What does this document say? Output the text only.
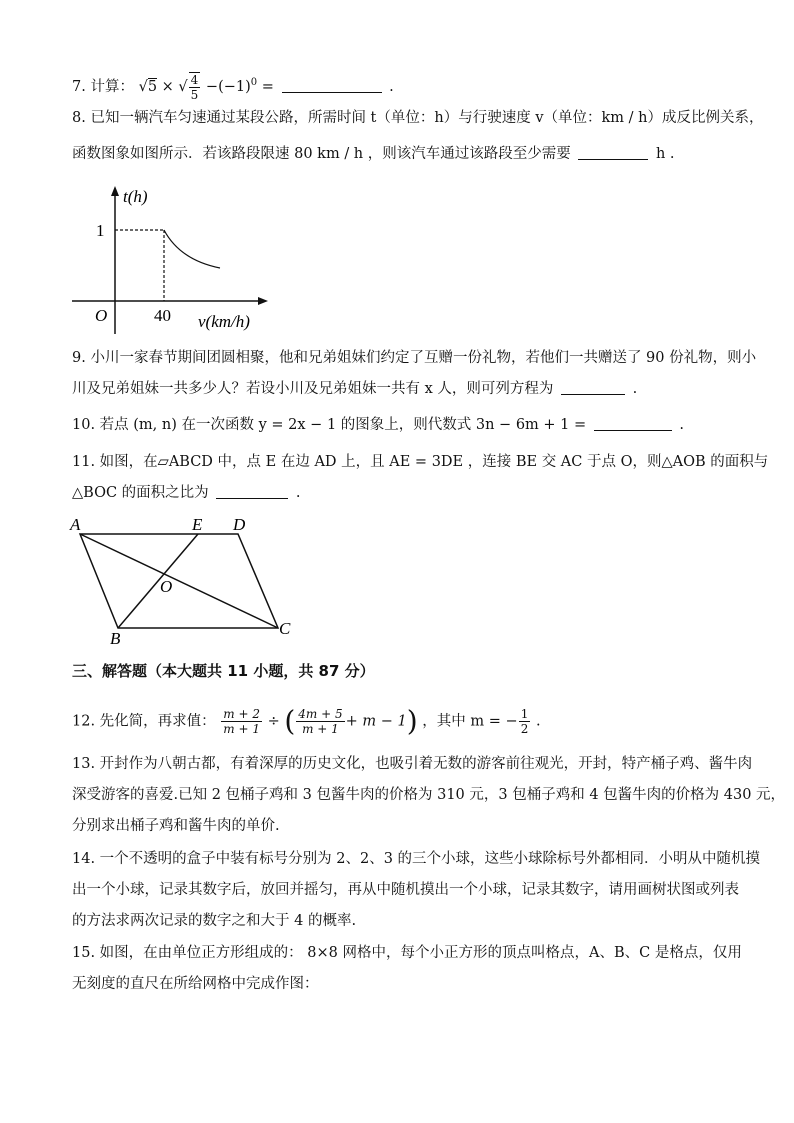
7. 计算： √5 × √ $\frac{4}{5} -(-1)^0$ =	.
8. 已知一辆汽车匀速通过某段公路，所需时间 t（单位：h）与行驶速度 v（单位：km / h）成反比例关系，
函数图象如图所示．若该路段限速 80 km / h ，则该汽车通过该路段至少需要	h .
t(h)
v(km/h)
O
1
40
9. 小川一家春节期间团圆相聚，他和兄弟姐妹们约定了互赠一份礼物，若他们一共赠送了 90 份礼物，则小
川及兄弟姐妹一共多少人？若设小川及兄弟姐妹一共有 x 人，则可列方程为	.
10. 若点 (m, n) 在一次函数 y = 2x − 1 的图象上，则代数式 3n − 6m + 1 =	.
11. 如图，在▱ABCD 中，点 E 在边 AD 上，且 AE = 3DE ，连接 BE 交 AC 于点 O，则△AOB 的面积与
△BOC 的面积之比为	.
A	E D
O
B
C
三、解答题（本大题共 11 小题，共 87 分）
12. 先化简，再求值： $\frac{m + 2}{m + 1}$ ÷ ( $\frac{4m + 5}{m + 1} + m - 1$) ，其中 m = − $\frac{1}{2}$ .
13. 开封作为八朝古都，有着深厚的历史文化，也吸引着无数的游客前往观光，开封，特产桶子鸡、酱牛肉
深受游客的喜爱.已知 2 包桶子鸡和 3 包酱牛肉的价格为 310 元，3 包桶子鸡和 4 包酱牛肉的价格为 430 元，
分别求出桶子鸡和酱牛肉的单价.
14. 一个不透明的盒子中装有标号分别为 2、2、3 的三个小球，这些小球除标号外都相同．小明从中随机摸
出一个小球，记录其数字后，放回并摇匀，再从中随机摸出一个小球，记录其数字，请用画树状图或列表
的方法求两次记录的数字之和大于 4 的概率.
15. 如图，在由单位正方形组成的： 8×8 网格中，每个小正方形的顶点叫格点，A、B、C 是格点，仅用
无刻度的直尺在所给网格中完成作图：
